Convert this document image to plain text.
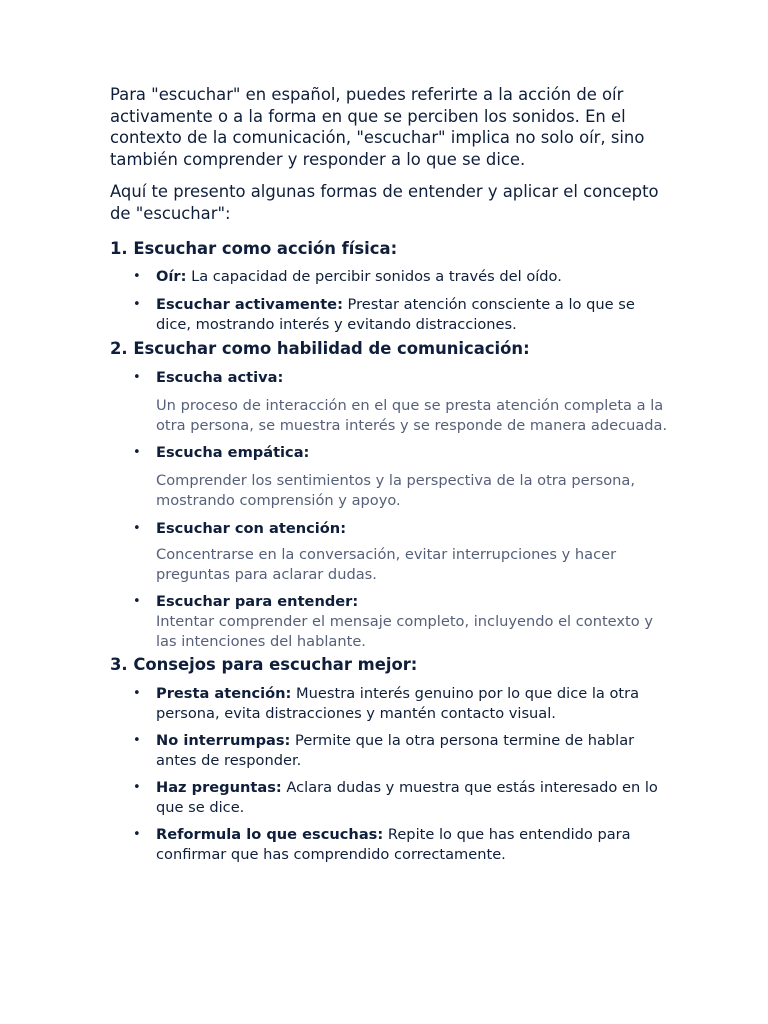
Para "escuchar" en español, puedes referirte a la acción de oír activamente o a la forma en que se perciben los sonidos. En el contexto de la comunicación, "escuchar" implica no solo oír, sino también comprender y responder a lo que se dice.

Aquí te presento algunas formas de entender y aplicar el concepto de "escuchar":

1. Escuchar como acción física:
• Oír: La capacidad de percibir sonidos a través del oído.
• Escuchar activamente: Prestar atención consciente a lo que se dice, mostrando interés y evitando distracciones.
2. Escuchar como habilidad de comunicación:
• Escucha activa:
Un proceso de interacción en el que se presta atención completa a la otra persona, se muestra interés y se responde de manera adecuada.
• Escucha empática:
Comprender los sentimientos y la perspectiva de la otra persona, mostrando comprensión y apoyo.
• Escuchar con atención:
Concentrarse en la conversación, evitar interrupciones y hacer preguntas para aclarar dudas.
• Escuchar para entender:
Intentar comprender el mensaje completo, incluyendo el contexto y las intenciones del hablante.
3. Consejos para escuchar mejor:
• Presta atención: Muestra interés genuino por lo que dice la otra persona, evita distracciones y mantén contacto visual.
• No interrumpas: Permite que la otra persona termine de hablar antes de responder.
• Haz preguntas: Aclara dudas y muestra que estás interesado en lo que se dice.
• Reformula lo que escuchas: Repite lo que has entendido para confirmar que has comprendido correctamente.
